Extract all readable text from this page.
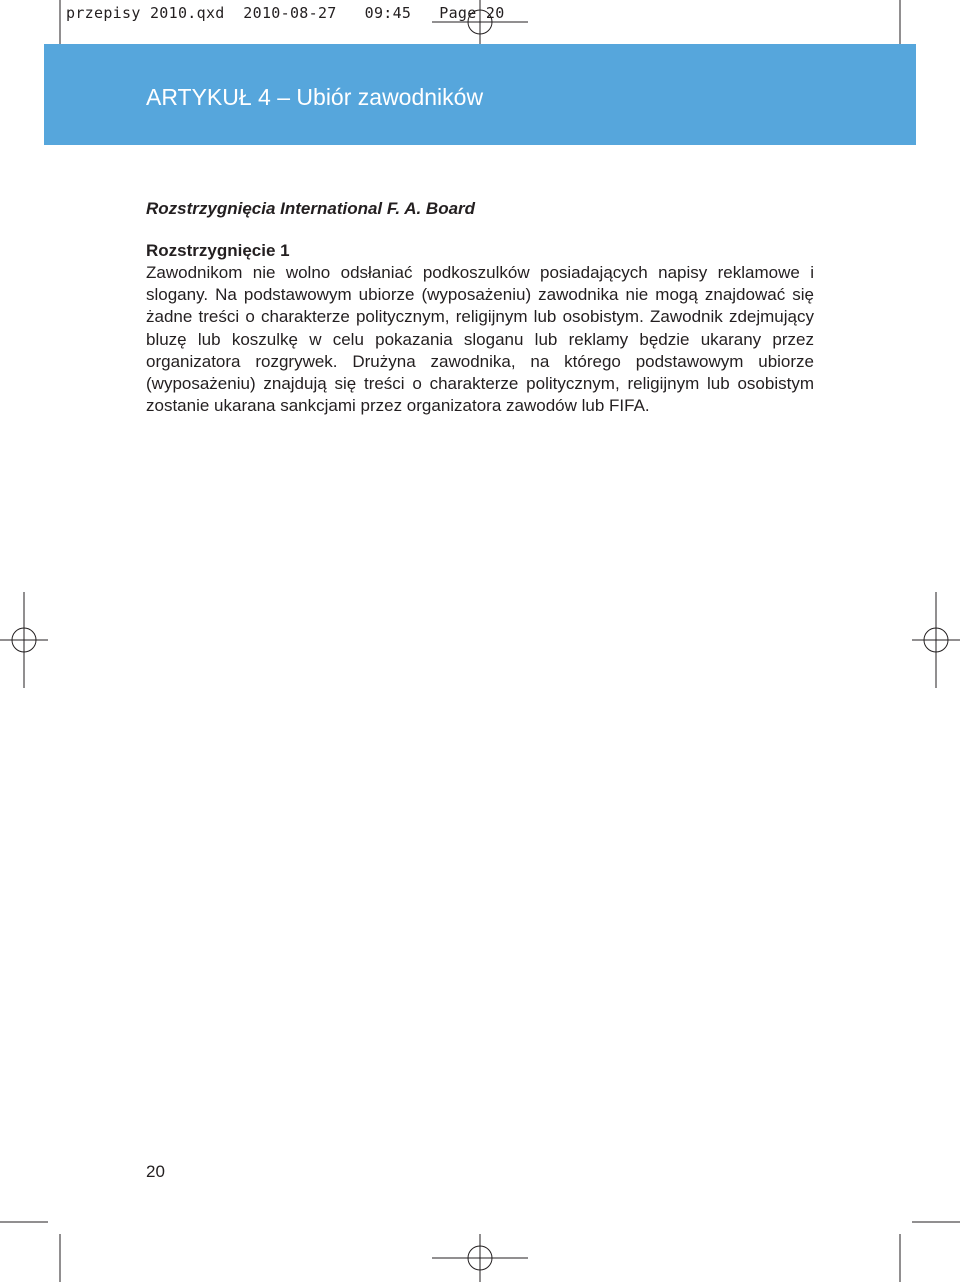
przepisy 2010.qxd 2010-08-27 09:45 Page 20
ARTYKUŁ 4 – Ubiór zawodników
Rozstrzygnięcia International F. A. Board
Rozstrzygnięcie 1

Zawodnikom nie wolno odsłaniać podkoszulków posiadających napisy reklamowe i slogany. Na podstawowym ubiorze (wyposażeniu) zawodnika nie mogą znajdować się żadne treści o charakterze politycznym, religijnym lub osobistym. Zawodnik zdejmujący bluzę lub koszulkę w celu pokazania sloganu lub reklamy będzie ukarany przez organizatora rozgrywek. Drużyna zawodnika, na którego podstawowym ubiorze (wyposażeniu) znajdują się treści o charakterze politycznym, religijnym lub osobistym zostanie ukarana sankcjami przez organizatora zawodów lub FIFA.

20
